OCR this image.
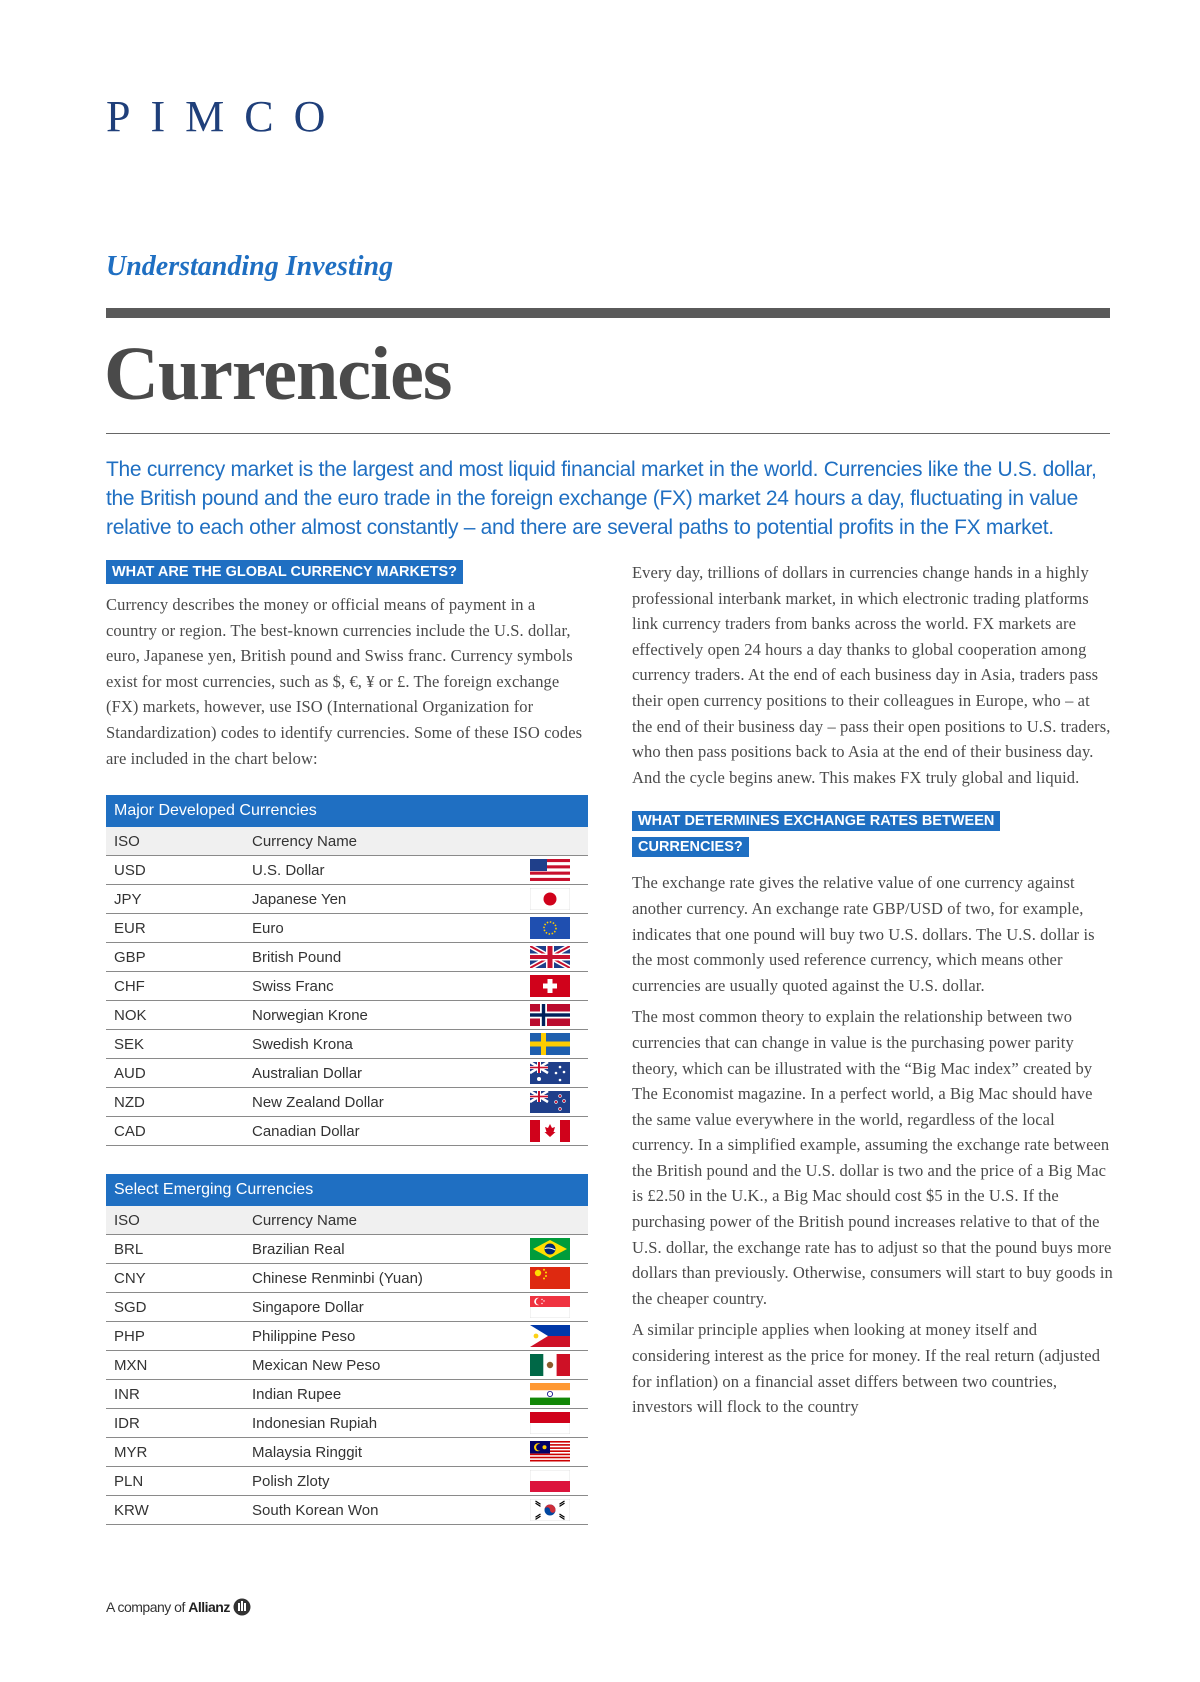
PIMCO
Understanding Investing
Currencies
The currency market is the largest and most liquid financial market in the world. Currencies like the U.S. dollar, the British pound and the euro trade in the foreign exchange (FX) market 24 hours a day, fluctuating in value relative to each other almost constantly – and there are several paths to potential profits in the FX market.
WHAT ARE THE GLOBAL CURRENCY MARKETS?

Currency describes the money or official means of payment in a country or region. The best-known currencies include the U.S. dollar, euro, Japanese yen, British pound and Swiss franc. Currency symbols exist for most currencies, such as $, €, ¥ or £. The foreign exchange (FX) markets, however, use ISO (International Organization for Standardization) codes to identify currencies. Some of these ISO codes are included in the chart below:

Major Developed Currencies		
ISO	Currency Name	
USD	U.S. Dollar	
JPY	Japanese Yen	
EUR	Euro	
GBP	British Pound	
CHF	Swiss Franc	
NOK	Norwegian Krone	
SEK	Swedish Krona	
AUD	Australian Dollar	
NZD	New Zealand Dollar	
CAD	Canadian Dollar	
Select Emerging Currencies		
ISO	Currency Name	
BRL	Brazilian Real	
CNY	Chinese Renminbi (Yuan)	
SGD	Singapore Dollar	
PHP	Philippine Peso	
MXN	Mexican New Peso	
INR	Indian Rupee	
IDR	Indonesian Rupiah	
MYR	Malaysia Ringgit	
PLN	Polish Zloty	
KRW	South Korean Won	

Every day, trillions of dollars in currencies change hands in a highly professional interbank market, in which electronic trading platforms link currency traders from banks across the world. FX markets are effectively open 24 hours a day thanks to global cooperation among currency traders. At the end of each business day in Asia, traders pass their open currency positions to their colleagues in Europe, who – at the end of their business day – pass their open positions to U.S. traders, who then pass positions back to Asia at the end of their business day. And the cycle begins anew. This makes FX truly global and liquid.

WHAT DETERMINES EXCHANGE RATES BETWEEN CURRENCIES?

The exchange rate gives the relative value of one currency against another currency. An exchange rate GBP/USD of two, for example, indicates that one pound will buy two U.S. dollars. The U.S. dollar is the most commonly used reference currency, which means other currencies are usually quoted against the U.S. dollar.

The most common theory to explain the relationship between two currencies that can change in value is the purchasing power parity theory, which can be illustrated with the “Big Mac index” created by The Economist magazine. In a perfect world, a Big Mac should have the same value everywhere in the world, regardless of the local currency. In a simplified example, assuming the exchange rate between the British pound and the U.S. dollar is two and the price of a Big Mac is £2.50 in the U.K., a Big Mac should cost $5 in the U.S. If the purchasing power of the British pound increases relative to that of the U.S. dollar, the exchange rate has to adjust so that the pound buys more dollars than previously. Otherwise, consumers will start to buy goods in the cheaper country.

A similar principle applies when looking at money itself and considering interest as the price for money. If the real return (adjusted for inflation) on a financial asset differs between two countries, investors will flock to the country

A company of Allianz
